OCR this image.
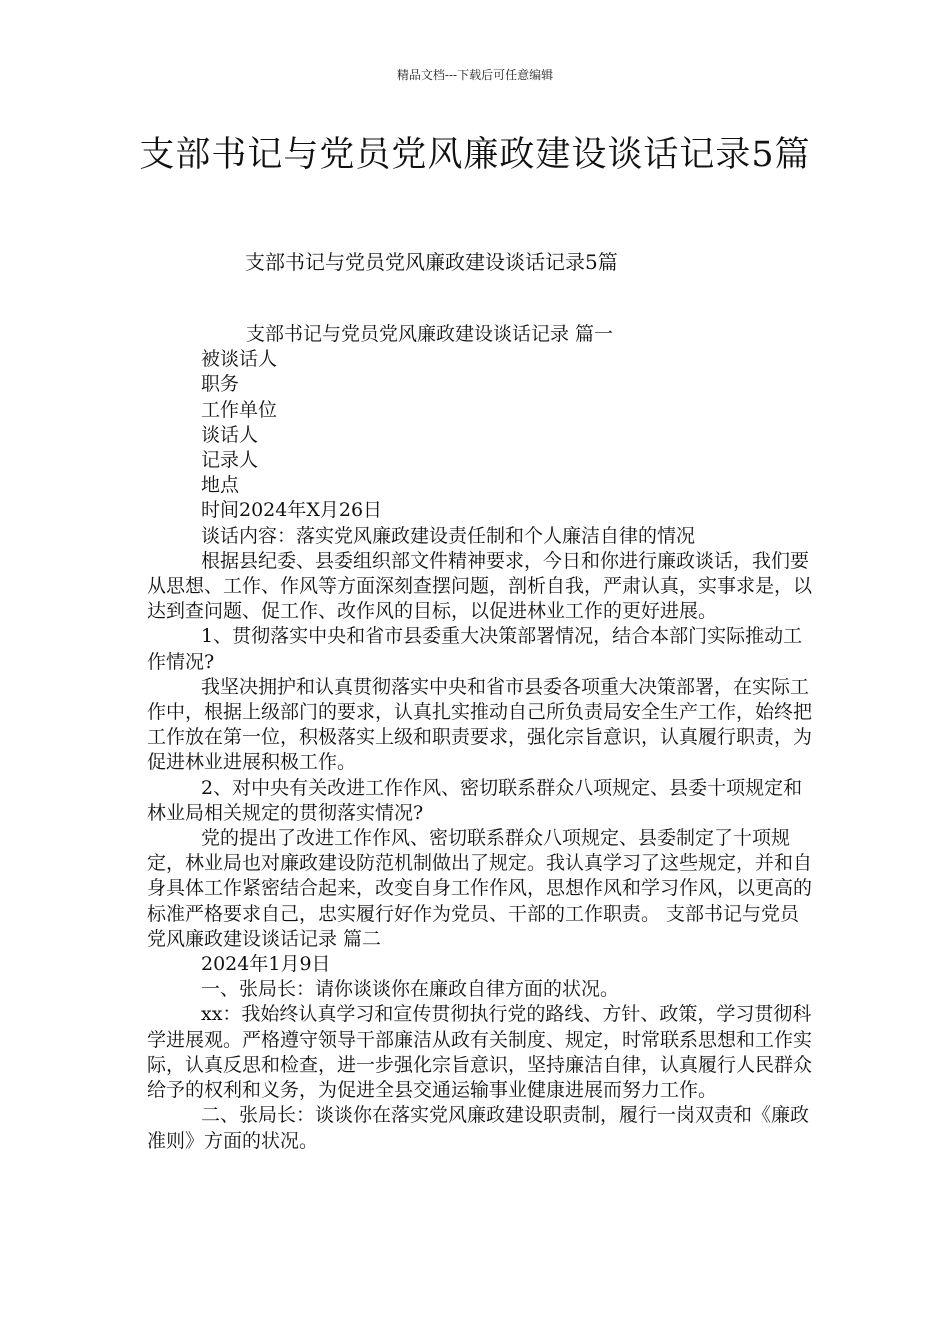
精品文档---下载后可任意编辑
支部书记与党员党风廉政建设谈话记录5篇
支部书记与党员党风廉政建设谈话记录5篇

支部书记与党员党风廉政建设谈话记录 篇一

被谈话人

职务

工作单位

谈话人

记录人

地点

时间2024年X月26日

谈话内容：落实党风廉政建设责任制和个人廉洁自律的情况

根据县纪委、县委组织部文件精神要求，今日和你进行廉政谈话，我们要从思想、工作、作风等方面深刻查摆问题，剖析自我，严肃认真，实事求是，以达到查问题、促工作、改作风的目标，以促进林业工作的更好进展。

1、贯彻落实中央和省市县委重大决策部署情况，结合本部门实际推动工作情况?

我坚决拥护和认真贯彻落实中央和省市县委各项重大决策部署，在实际工作中，根据上级部门的要求，认真扎实推动自己所负责局安全生产工作，始终把工作放在第一位，积极落实上级和职责要求，强化宗旨意识，认真履行职责，为促进林业进展积极工作。

2、对中央有关改进工作作风、密切联系群众八项规定、县委十项规定和林业局相关规定的贯彻落实情况?

党的提出了改进工作作风、密切联系群众八项规定、县委制定了十项规定，林业局也对廉政建设防范机制做出了规定。我认真学习了这些规定，并和自身具体工作紧密结合起来，改变自身工作作风，思想作风和学习作风，以更高的标准严格要求自己，忠实履行好作为党员、干部的工作职责。 支部书记与党员党风廉政建设谈话记录 篇二

2024年1月9日

一、张局长：请你谈谈你在廉政自律方面的状况。

xx：我始终认真学习和宣传贯彻执行党的路线、方针、政策，学习贯彻科学进展观。严格遵守领导干部廉洁从政有关制度、规定，时常联系思想和工作实际，认真反思和检查，进一步强化宗旨意识，坚持廉洁自律，认真履行人民群众给予的权利和义务，为促进全县交通运输事业健康进展而努力工作。

二、张局长：谈谈你在落实党风廉政建设职责制，履行一岗双责和《廉政准则》方面的状况。
